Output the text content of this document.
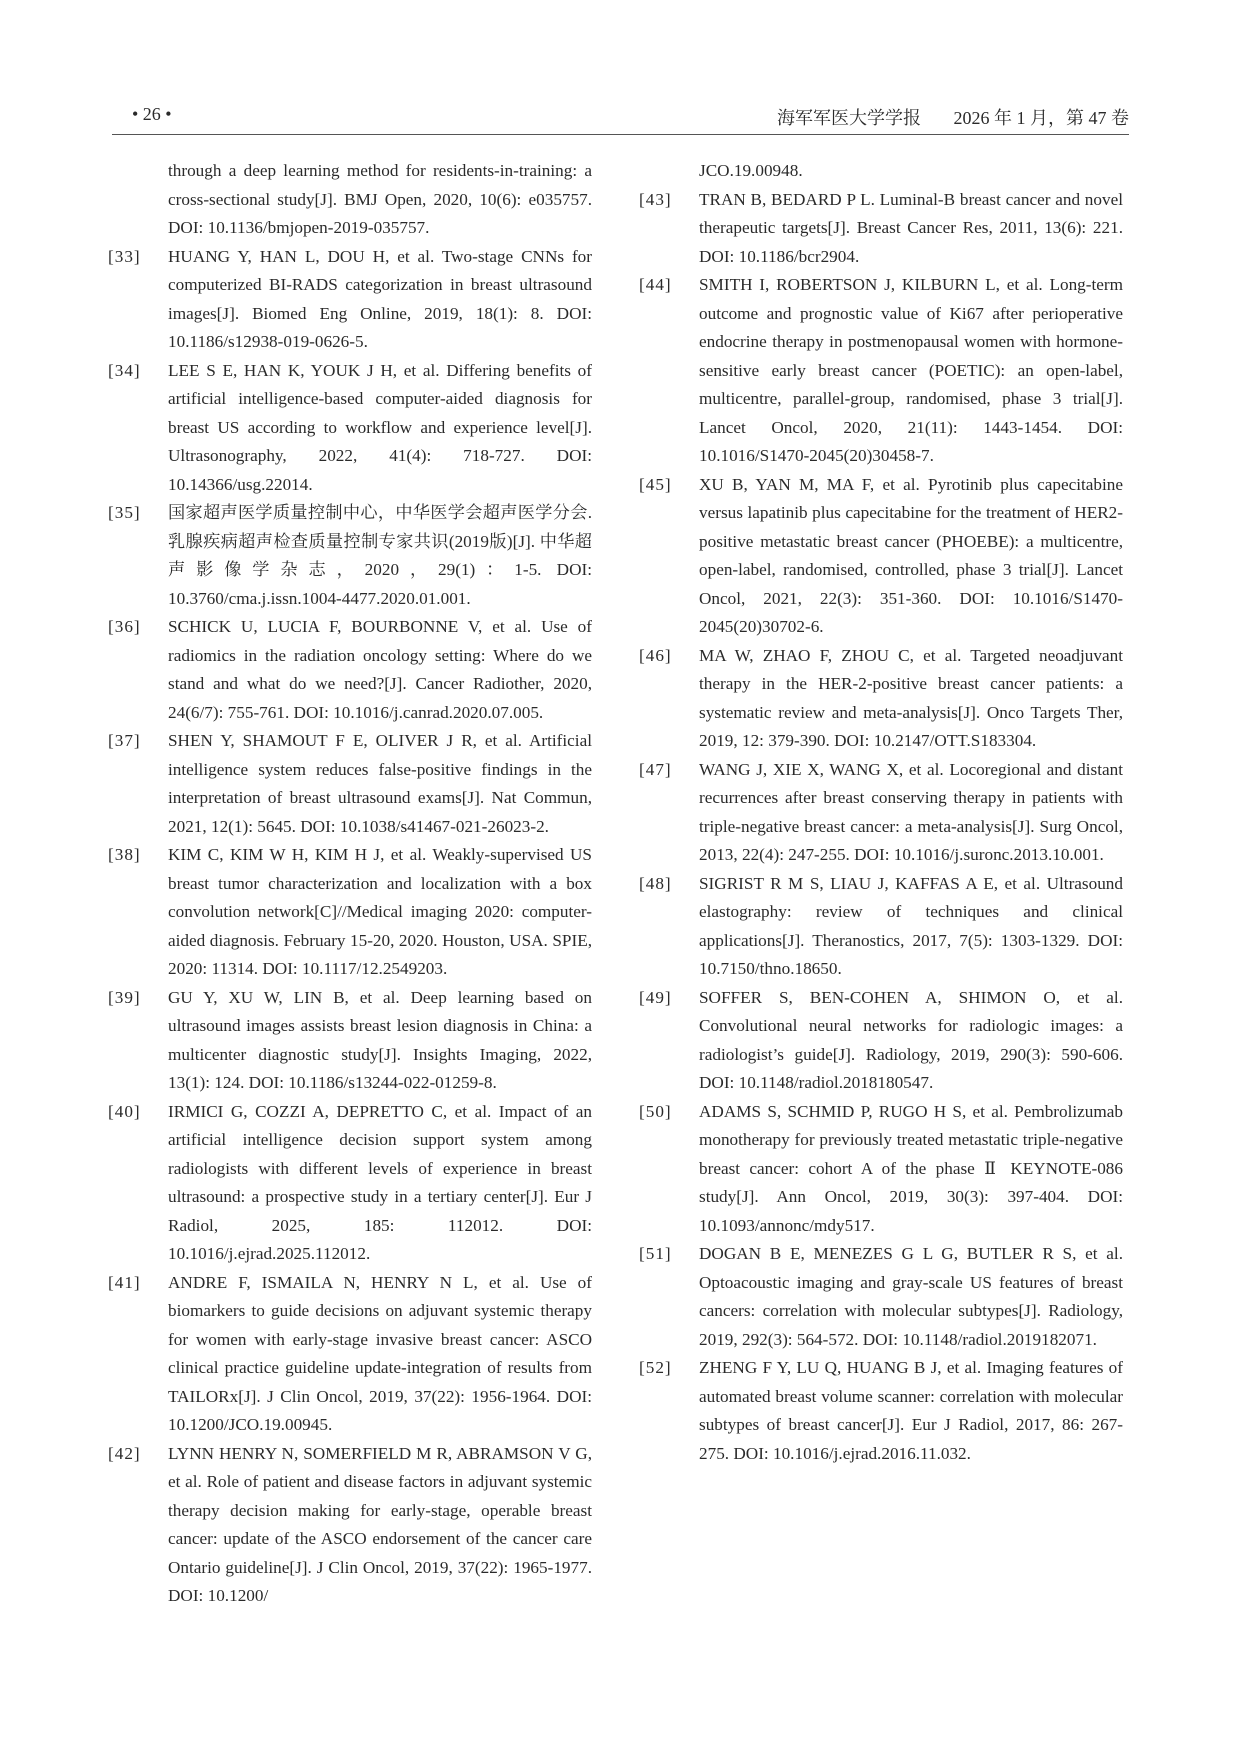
• 26 •	海军军医大学学报 2026 年 1 月，第 47 卷

through a deep learning method for residents-in-training: a cross-sectional study[J]. BMJ Open, 2020, 10(6): e035757. DOI: 10.1136/bmjopen-2019-035757.

[33]	HUANG Y, HAN L, DOU H, et al. Two-stage CNNs for computerized BI-RADS categorization in breast ultrasound images[J]. Biomed Eng Online, 2019, 18(1): 8. DOI: 10.1186/s12938-019-0626-5.

[34]	LEE S E, HAN K, YOUK J H, et al. Differing benefits of artificial intelligence-based computer-aided diagnosis for breast US according to workflow and experience level[J]. Ultrasonography, 2022, 41(4): 718-727. DOI: 10.14366/usg.22014.

[35]	国家超声医学质量控制中心，中华医学会超声医学分会. 乳腺疾病超声检查质量控制专家共识(2019版)[J]. 中华超声影像学杂志，2020，29(1)：1-5. DOI: 10.3760/cma.j.issn.1004-4477.2020.01.001.

[36]	SCHICK U, LUCIA F, BOURBONNE V, et al. Use of radiomics in the radiation oncology setting: Where do we stand and what do we need?[J]. Cancer Radiother, 2020, 24(6/7): 755-761. DOI: 10.1016/j.canrad.2020.07.005.

[37]	SHEN Y, SHAMOUT F E, OLIVER J R, et al. Artificial intelligence system reduces false-positive findings in the interpretation of breast ultrasound exams[J]. Nat Commun, 2021, 12(1): 5645. DOI: 10.1038/s41467-021-26023-2.

[38]	KIM C, KIM W H, KIM H J, et al. Weakly-supervised US breast tumor characterization and localization with a box convolution network[C]//Medical imaging 2020: computer-aided diagnosis. February 15-20, 2020. Houston, USA. SPIE, 2020: 11314. DOI: 10.1117/12.2549203.

[39]	GU Y, XU W, LIN B, et al. Deep learning based on ultrasound images assists breast lesion diagnosis in China: a multicenter diagnostic study[J]. Insights Imaging, 2022, 13(1): 124. DOI: 10.1186/s13244-022-01259-8.

[40]	IRMICI G, COZZI A, DEPRETTO C, et al. Impact of an artificial intelligence decision support system among radiologists with different levels of experience in breast ultrasound: a prospective study in a tertiary center[J]. Eur J Radiol, 2025, 185: 112012. DOI: 10.1016/j.ejrad.2025.112012.

[41]	ANDRE F, ISMAILA N, HENRY N L, et al. Use of biomarkers to guide decisions on adjuvant systemic therapy for women with early-stage invasive breast cancer: ASCO clinical practice guideline update-integration of results from TAILORx[J]. J Clin Oncol, 2019, 37(22): 1956-1964. DOI: 10.1200/JCO.19.00945.

[42]	LYNN HENRY N, SOMERFIELD M R, ABRAMSON V G, et al. Role of patient and disease factors in adjuvant systemic therapy decision making for early-stage, operable breast cancer: update of the ASCO endorsement of the cancer care Ontario guideline[J]. J Clin Oncol, 2019, 37(22): 1965-1977. DOI: 10.1200/

JCO.19.00948.

[43]	TRAN B, BEDARD P L. Luminal-B breast cancer and novel therapeutic targets[J]. Breast Cancer Res, 2011, 13(6): 221. DOI: 10.1186/bcr2904.

[44]	SMITH I, ROBERTSON J, KILBURN L, et al. Long-term outcome and prognostic value of Ki67 after perioperative endocrine therapy in postmenopausal women with hormone-sensitive early breast cancer (POETIC): an open-label, multicentre, parallel-group, randomised, phase 3 trial[J]. Lancet Oncol, 2020, 21(11): 1443-1454. DOI: 10.1016/S1470-2045(20)30458-7.

[45]	XU B, YAN M, MA F, et al. Pyrotinib plus capecitabine versus lapatinib plus capecitabine for the treatment of HER2-positive metastatic breast cancer (PHOEBE): a multicentre, open-label, randomised, controlled, phase 3 trial[J]. Lancet Oncol, 2021, 22(3): 351-360. DOI: 10.1016/S1470-2045(20)30702-6.

[46]	MA W, ZHAO F, ZHOU C, et al. Targeted neoadjuvant therapy in the HER-2-positive breast cancer patients: a systematic review and meta-analysis[J]. Onco Targets Ther, 2019, 12: 379-390. DOI: 10.2147/OTT.S183304.

[47]	WANG J, XIE X, WANG X, et al. Locoregional and distant recurrences after breast conserving therapy in patients with triple-negative breast cancer: a meta-analysis[J]. Surg Oncol, 2013, 22(4): 247-255. DOI: 10.1016/j.suronc.2013.10.001.

[48]	SIGRIST R M S, LIAU J, KAFFAS A E, et al. Ultrasound elastography: review of techniques and clinical applications[J]. Theranostics, 2017, 7(5): 1303-1329. DOI: 10.7150/thno.18650.

[49]	SOFFER S, BEN-COHEN A, SHIMON O, et al. Convolutional neural networks for radiologic images: a radiologist’s guide[J]. Radiology, 2019, 290(3): 590-606. DOI: 10.1148/radiol.2018180547.

[50]	ADAMS S, SCHMID P, RUGO H S, et al. Pembrolizumab monotherapy for previously treated metastatic triple-negative breast cancer: cohort A of the phase Ⅱ KEYNOTE-086 study[J]. Ann Oncol, 2019, 30(3): 397-404. DOI: 10.1093/annonc/mdy517.

[51]	DOGAN B E, MENEZES G L G, BUTLER R S, et al. Optoacoustic imaging and gray-scale US features of breast cancers: correlation with molecular subtypes[J]. Radiology, 2019, 292(3): 564-572. DOI: 10.1148/radiol.2019182071.

[52]	ZHENG F Y, LU Q, HUANG B J, et al. Imaging features of automated breast volume scanner: correlation with molecular subtypes of breast cancer[J]. Eur J Radiol, 2017, 86: 267-275. DOI: 10.1016/j.ejrad.2016.11.032.
